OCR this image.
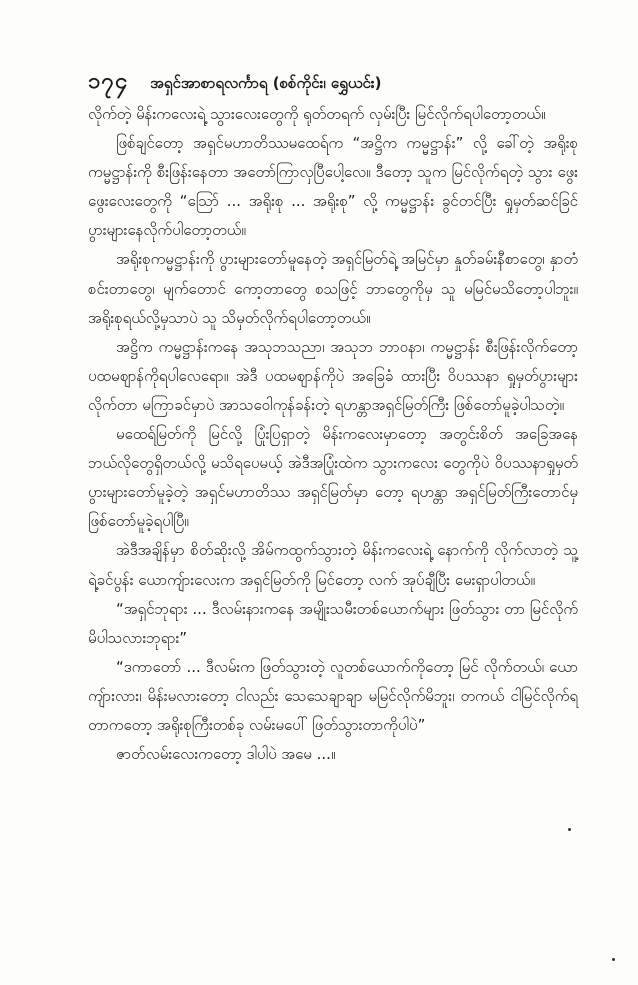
၁၇၄ အရှင်အာစာရလင်္ကာရ (စစ်ကိုင်း၊ ရွှေယင်း)

လိုက်တဲ့ မိန်းကလေးရဲ့ သွားလေးတွေကို ရုတ်တရက် လှမ်းပြီး မြင်လိုက်ရပါတော့တယ်။

ဖြစ်ချင်တော့ အရှင်မဟာတိဿမထေရ်က “အဋ္ဌိက ကမ္မဋ္ဌာန်း” လို့ ခေါ်တဲ့ အရိုးစုကမ္မဋ္ဌာန်းကို စီးဖြန်းနေတာ အတော်ကြာလှပြီပေါ့လေ။ ဒီတော့ သူက မြင်လိုက်ရတဲ့ သွား ဖွေးဖွေးလေးတွေကို “သြော် ... အရိုးစု ... အရိုးစု” လို့ ကမ္မဋ္ဌာန်း ခွင်တင်ပြီး ရှုမှတ်ဆင်ခြင် ပွားများနေလိုက်ပါတော့တယ်။

အရိုးစုကမ္မဋ္ဌာန်းကို ပွားများတော်မူနေတဲ့ အရှင်မြတ်ရဲ့ အမြင်မှာ နှုတ်ခမ်းနီစာတွေ၊ နှာတံစင်းတာတွေ၊ မျက်တောင် ကော့တာတွေ စသဖြင့် ဘာတွေကိုမှ သူ မမြင်မသိတော့ပါဘူး။ အရိုးစုရယ်လို့မှသာပဲ သူ သိမှတ်လိုက်ရပါတော့တယ်။

အဋ္ဌိက ကမ္မဋ္ဌာန်းကနေ အသုဘသညာ၊ အသုဘ ဘာဝနာ၊ ကမ္မဋ္ဌာန်း စီးဖြန်းလိုက်တော့ ပထမဈာန်ကိုရပါလေရော။ အဲဒီ ပထမဈာန်ကိုပဲ အခြေခံ ထားပြီး ဝိပဿနာ ရှုမှတ်ပွားများလိုက်တာ မကြာခင်မှာပဲ အာသဝေါကုန်ခန်းတဲ့ ရဟန္တာအရှင်မြတ်ကြီး ဖြစ်တော်မူခဲ့ပါသတဲ့။

မထေရ်မြတ်ကို မြင်လို့ ပြုံးပြရှာတဲ့ မိန်းကလေးမှာတော့ အတွင်းစိတ် အခြေအနေ ဘယ်လိုတွေရှိတယ်လို့ မသိရပေမယ့် အဲဒီအပြုံးထဲက သွားကလေး တွေကိုပဲ ဝိပဿနာရှုမှတ်ပွားများတော်မူခဲ့တဲ့ အရှင်မဟာတိဿ အရှင်မြတ်မှာ တော့ ရဟန္တာ အရှင်မြတ်ကြီးတောင်မှ ဖြစ်တော်မူခဲ့ရပါပြီ။

အဲဒီအချိန်မှာ စိတ်ဆိုးလို့ အိမ်ကထွက်သွားတဲ့ မိန်းကလေးရဲ့ နောက်ကို လိုက်လာတဲ့ သူ့ရဲ့ခင်ပွန်း ယောကျ်ားလေးက အရှင်မြတ်ကို မြင်တော့ လက် အုပ်ချီပြီး မေးရှာပါတယ်။

“အရှင်ဘုရား ... ဒီလမ်းနားကနေ အမျိုးသမီးတစ်ယောက်များ ဖြတ်သွား တာ မြင်လိုက်မိပါသလားဘုရား”

“ဒကာတော် ... ဒီလမ်းက ဖြတ်သွားတဲ့ လူတစ်ယောက်ကိုတော့ မြင် လိုက်တယ်၊ ယောကျ်ားလား၊ မိန်းမလားတော့ ငါလည်း သေသေချာချာ မမြင်လိုက်မိဘူး၊ တကယ် ငါမြင်လိုက်ရတာကတော့ အရိုးစုကြီးတစ်ခု လမ်းမပေါ် ဖြတ်သွားတာကိုပါပဲ”

ဇာတ်လမ်းလေးကတော့ ဒါပါပဲ အမေ ...။
